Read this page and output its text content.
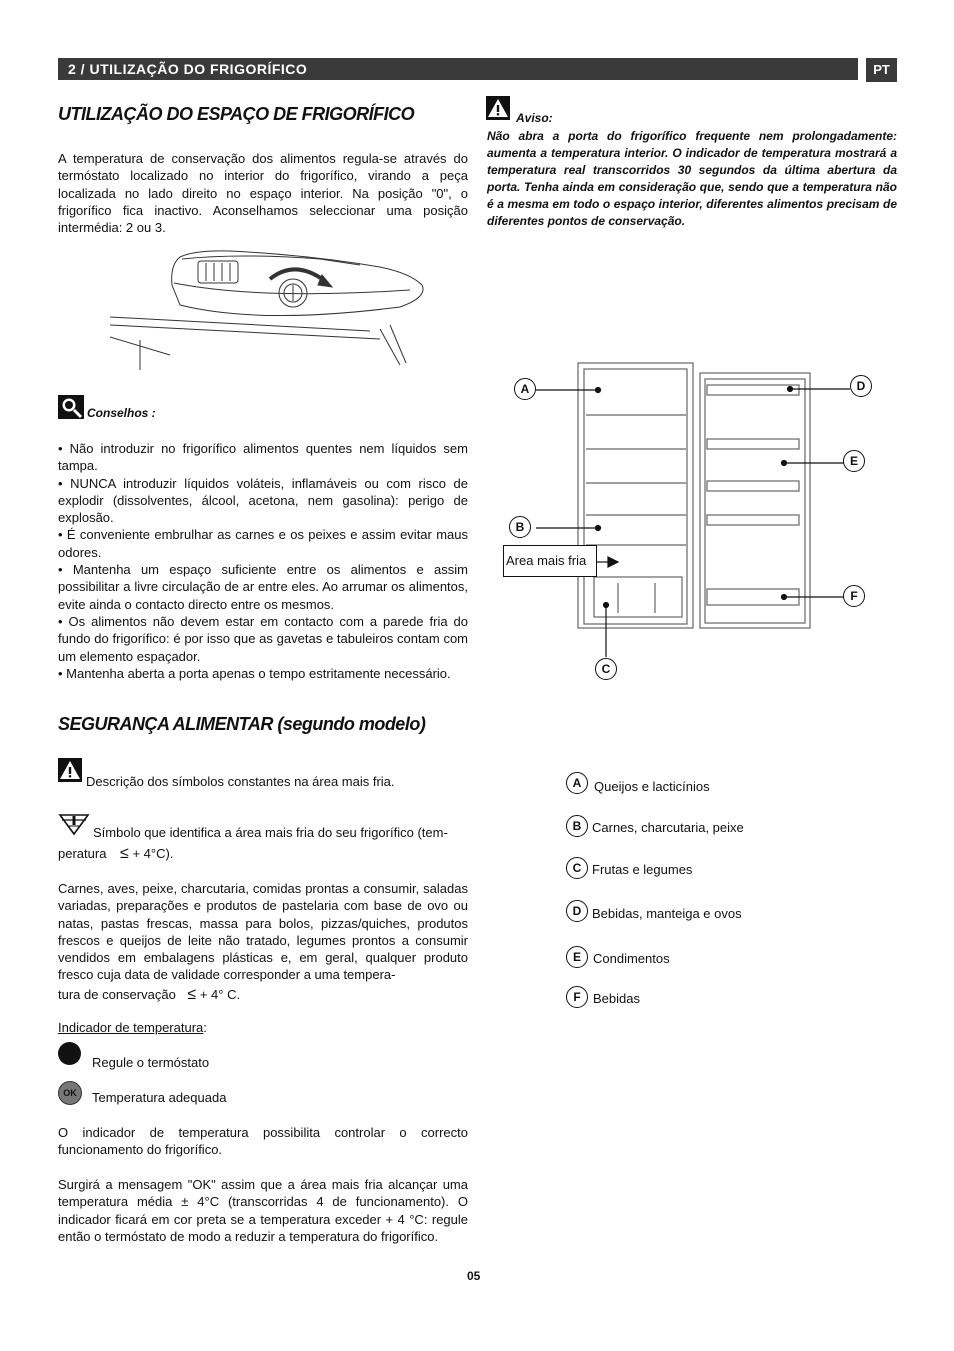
2 / UTILIZAÇÃO DO FRIGORÍFICO	PT
UTILIZAÇÃO DO ESPAÇO DE FRIGORÍFICO
A temperatura de conservação dos alimentos regula-se através do termóstato localizado no interior do frigorífico, virando a peça localizada no lado direito no espaço interior. Na posição "0", o frigorífico fica inactivo. Aconselhamos seleccionar uma posição intermédia: 2 ou 3.
Conselhos :
• Não introduzir no frigorífico alimentos quentes nem líquidos sem tampa.
• NUNCA introduzir líquidos voláteis, inflamáveis ou com risco de explodir (dissolventes, álcool, acetona, nem gasolina): perigo de explosão.
• É conveniente embrulhar as carnes e os peixes e assim evitar maus odores.
• Mantenha um espaço suficiente entre os alimentos e assim possibilitar a livre circulação de ar entre eles. Ao arrumar os alimentos, evite ainda o contacto directo entre os mesmos.
• Os alimentos não devem estar em contacto com a parede fria do fundo do frigorífico: é por isso que as gavetas e tabuleiros contam com um elemento espaçador.
• Mantenha aberta a porta apenas o tempo estritamente necessário.
Aviso:
Não abra a porta do frigorífico frequente nem prolongadamente: aumenta a temperatura interior. O indicador de temperatura mostrará a temperatura real transcorridos 30 segundos da última abertura da porta. Tenha ainda em consideração que, sendo que a temperatura não é a mesma em todo o espaço interior, diferentes alimentos precisam de diferentes pontos de conservação.
A
B
C
D
E
F
Area mais fria
SEGURANÇA ALIMENTAR (segundo modelo)
Descrição dos símbolos constantes na área mais fria.
Símbolo que identifica a área mais fria do seu frigorífico (tem-
peratura ≤ + 4°C).
Carnes, aves, peixe, charcutaria, comidas prontas a consumir, saladas variadas, preparações e produtos de pastelaria com base de ovo ou natas, pastas frescas, massa para bolos, pizzas/quiches, produtos frescos e queijos de leite não tratado, legumes prontos a consumir vendidos em embalagens plásticas e, em geral, qualquer produto fresco cuja data de validade corresponder a uma tempera-
tura de conservação ≤ + 4° C.
Indicador de temperatura:
Regule o termóstato
OK	Temperatura adequada
O indicador de temperatura possibilita controlar o correcto funcionamento do frigorífico.
Surgirá a mensagem "OK" assim que a área mais fria alcançar uma temperatura média ± 4°C (transcorridas 4 de funcionamento). O indicador ficará em cor preta se a temperatura exceder + 4 °C: regule então o termóstato de modo a reduzir a temperatura do frigorífico.
A Queijos e lacticínios
B Carnes, charcutaria, peixe
C Frutas e legumes
D Bebidas, manteiga e ovos
E Condimentos
F Bebidas
05
